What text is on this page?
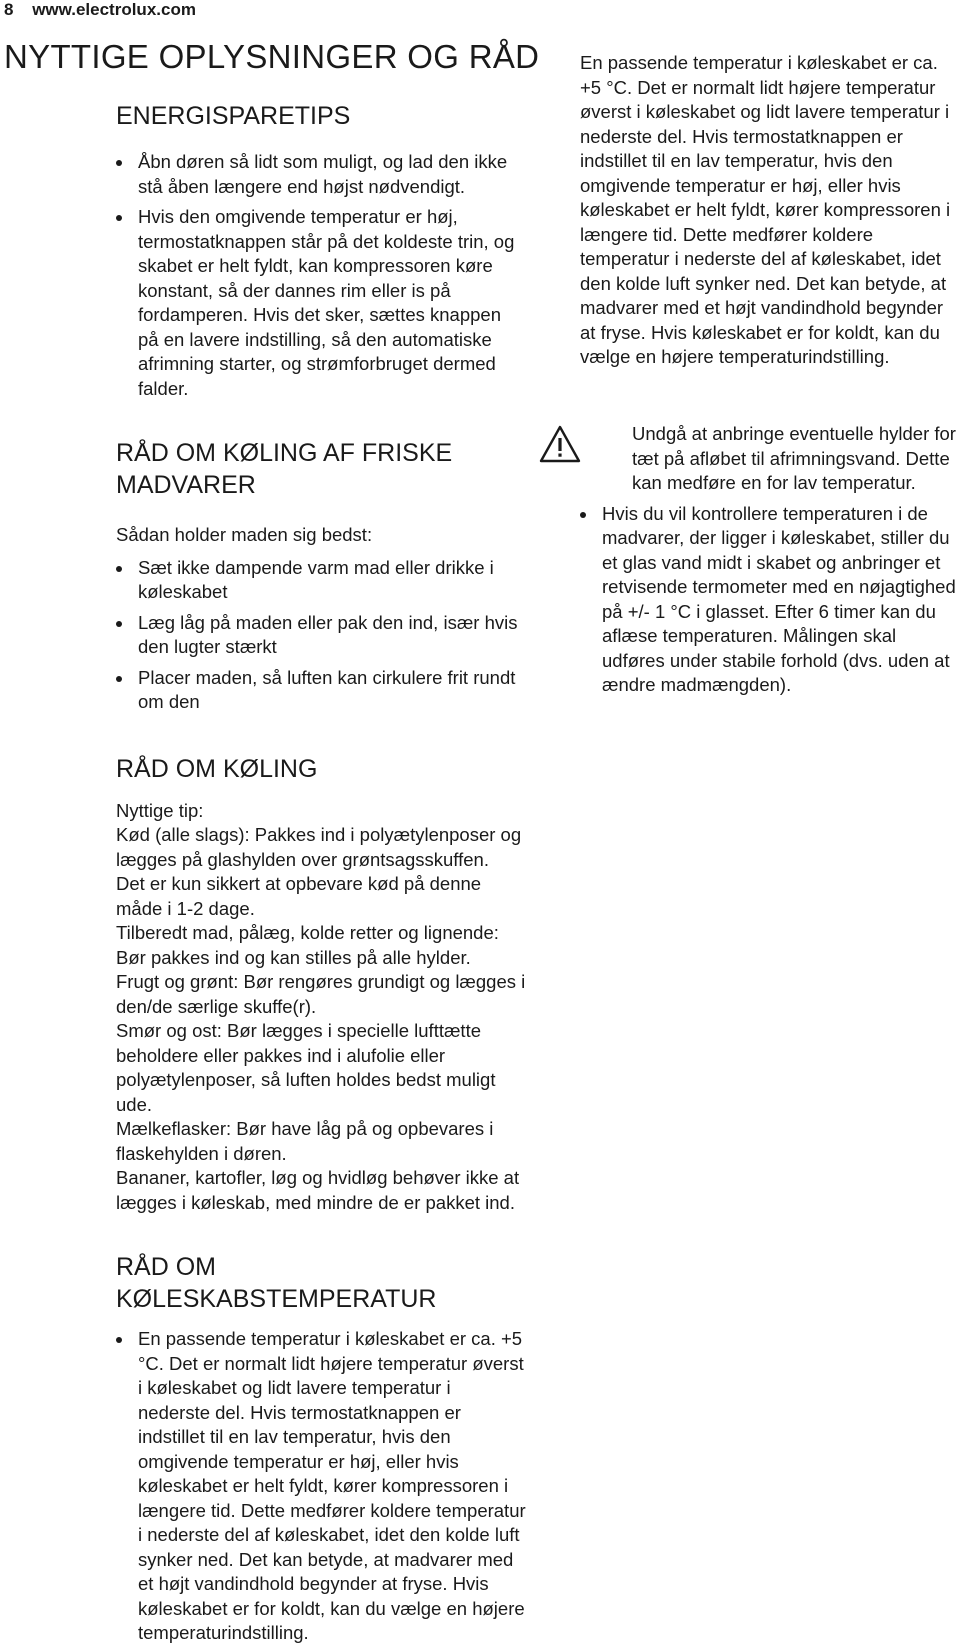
8 www.electrolux.com
NYTTIGE OPLYSNINGER OG RÅD
ENERGISPARETIPS
Åbn døren så lidt som muligt, og lad den ikke stå åben længere end højst nødvendigt.
Hvis den omgivende temperatur er høj, termostatknappen står på det koldeste trin, og skabet er helt fyldt, kan kompressoren køre konstant, så der dannes rim eller is på fordamperen. Hvis det sker, sættes knappen på en lavere indstilling, så den automatiske afrimning starter, og strømforbruget dermed falder.
RÅD OM KØLING AF FRISKE MADVARER

Sådan holder maden sig bedst:

Sæt ikke dampende varm mad eller drikke i køleskabet
Læg låg på maden eller pak den ind, især hvis den lugter stærkt
Placer maden, så luften kan cirkulere frit rundt om den
RÅD OM KØLING

Nyttige tip:

Kød (alle slags): Pakkes ind i polyætylenposer og lægges på glashylden over grøntsagsskuffen.

Det er kun sikkert at opbevare kød på denne måde i 1-2 dage.

Tilberedt mad, pålæg, kolde retter og lignende: Bør pakkes ind og kan stilles på alle hylder.

Frugt og grønt: Bør rengøres grundigt og lægges i den/de særlige skuffe(r).

Smør og ost: Bør lægges i specielle lufttætte beholdere eller pakkes ind i alufolie eller polyætylenposer, så luften holdes bedst muligt ude.

Mælkeflasker: Bør have låg på og opbevares i flaskehylden i døren.

Bananer, kartofler, løg og hvidløg behøver ikke at lægges i køleskab, med mindre de er pakket ind.

RÅD OM KØLESKABSTEMPERATUR
En passende temperatur i køleskabet er ca. +5 °C. Det er normalt lidt højere temperatur øverst i køleskabet og lidt lavere temperatur i nederste del. Hvis termostatknappen er indstillet til en lav temperatur, hvis den omgivende temperatur er høj, eller hvis køleskabet er helt fyldt, kører kompressoren i længere tid. Dette medfører koldere temperatur i nederste del af køleskabet, idet den kolde luft synker ned. Det kan betyde, at madvarer med et højt vandindhold begynder at fryse. Hvis køleskabet er for koldt, kan du vælge en højere temperaturindstilling.

En passende temperatur i køleskabet er ca. +5 °C. Det er normalt lidt højere temperatur øverst i køleskabet og lidt lavere temperatur i nederste del. Hvis termostatknappen er indstillet til en lav temperatur, hvis den omgivende temperatur er høj, eller hvis køleskabet er helt fyldt, kører kompressoren i længere tid. Dette medfører koldere temperatur i nederste del af køleskabet, idet den kolde luft synker ned. Det kan betyde, at madvarer med et højt vandindhold begynder at fryse. Hvis køleskabet er for koldt, kan du vælge en højere temperaturindstilling.

Undgå at anbringe eventuelle hylder for tæt på afløbet til afrimningsvand. Dette kan medføre en for lav temperatur.

Hvis du vil kontrollere temperaturen i de madvarer, der ligger i køleskabet, stiller du et glas vand midt i skabet og anbringer et retvisende termometer med en nøjagtighed på +/- 1 °C i glasset. Efter 6 timer kan du aflæse temperaturen. Målingen skal udføres under stabile forhold (dvs. uden at ændre madmængden).
